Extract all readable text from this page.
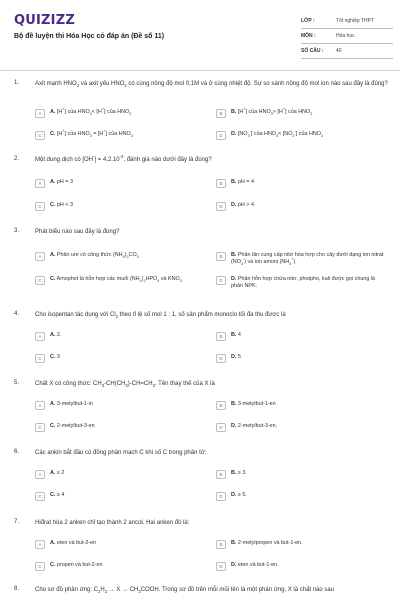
QUIZIZZ
Bộ đề luyện thi Hóa Học có đáp án (Đề số 11)
LỚP :	Tốt nghiệp THPT
MÔN :	Hóa học
SỐ CÂU :	40
1.	Axit mạnh $HNO_3$ và axit yếu $HNO_2$ có cùng nồng độ mol 0,1M và ở cùng nhiệt độ. Sự so sánh nồng độ mol ion nào sau đây là đúng?
A	A. [H+] của $HNO_3< [H^+]$ của $HNO_2$	B	B. [H+] của $HNO_3> [H^+]$ của $HNO_2$
C	C. [H+] của $HNO_3 = [H^+]$ của $HNO_2$	D	D. $[NO_3^-]$ của $HNO_3< [NO_2^-]$ của $HNO_2$
2.	Một dung dịch có $[OH^-] = 4,2.10^{-3}$, đánh giá nào dưới đây là đúng?
A	A. pH = 3	B	B. pH = 4
C	C. pH < 3	D	D. pH > 4
3.	Phát biểu nào sau đây là đúng?
A	A. Phân ure có công thức $(NH_4)_2CO_3$	B	B. Phân lân cung cấp nitơ hóa hợp cho cây dưới dạng ion nitrat $(NO_3^-)$ và ion amoni $(NH_4^+)$.
C	C. Amophot là hỗn hợp các muối $(NH_4)_2HPO_4$ và $KNO_3$	D	D. Phân hỗn hợp chứa nitơ, photpho, kali được gọi chung là phân NPK.
4.	Cho isopentan tác dụng với $Cl_2$ theo tỉ lệ số mol 1 : 1, số sản phẩm monoclo tối đa thu được là
A	A. 2.	B	B. 4
C	C. 3	D	D. 5
5.	Chất X có công thức: $CH_3-CH(CH_3)-CH=CH_2$. Tên thay thế của X là
A	A. 3-metylbut-1-in	B	B. 3-metylbut-1-en
C	C. 2-metylbut-3-en	D	D. 2-metylbut-3-en.
6.	Các ankin bắt đầu có đồng phân mạch C khi số C trong phân tử:
A	A. ≥ 2	B	B. ≥ 3.
C	C. ≥ 4	D	D. ≥ 5.
7.	Hiđrat hóa 2 anken chỉ tạo thành 2 ancol. Hai anken đó là:
A	A. eten và but-2-en	B	B. 2-metylpropen và but-1-en.
C	C. propen và but-2-en	D	D. eten và but-1-en.
8.	Cho sơ đồ phản ứng: $C_2H_2 \to X$ → $CH_3COOH$. Trong sơ đồ trên mỗi mũi tên là một phản ứng, X là chất nào sau
